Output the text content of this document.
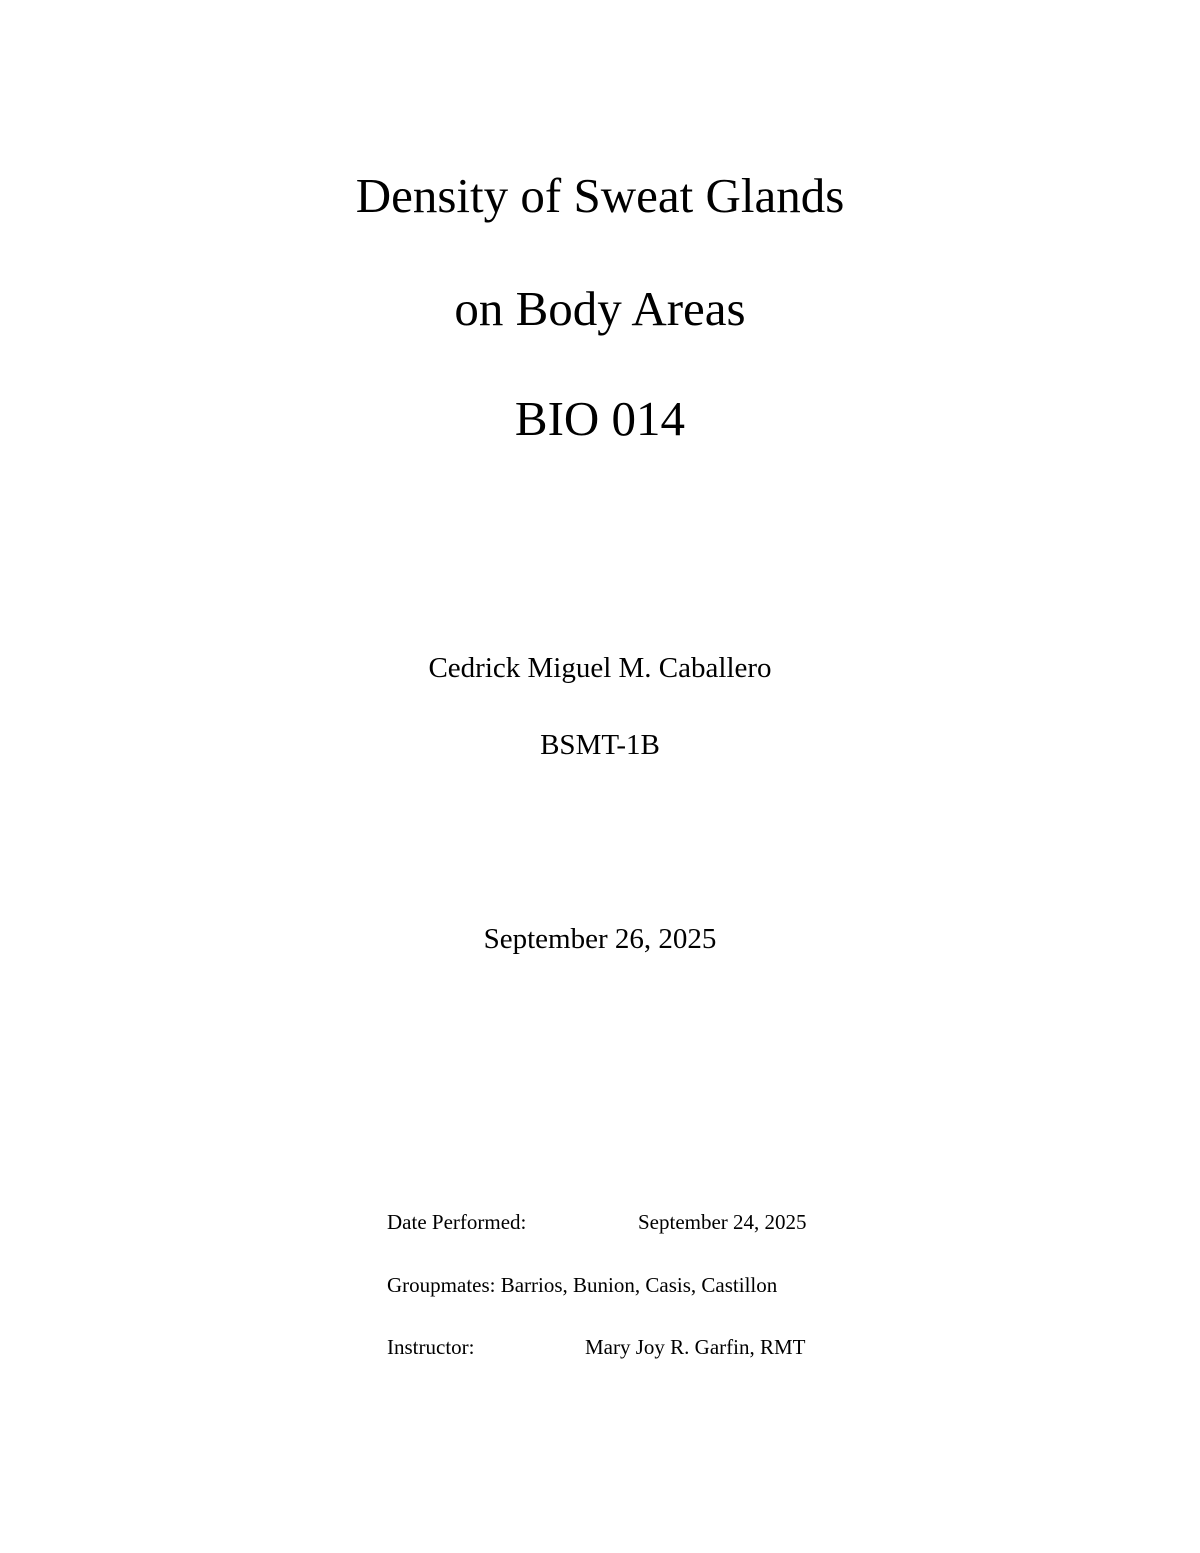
Density of Sweat Glands
on Body Areas
BIO 014
Cedrick Miguel M. Caballero
BSMT-1B
September 26, 2025
Date Performed:	September 24, 2025
Groupmates: Barrios, Bunion, Casis, Castillon
Instructor:	Mary Joy R. Garfin, RMT
